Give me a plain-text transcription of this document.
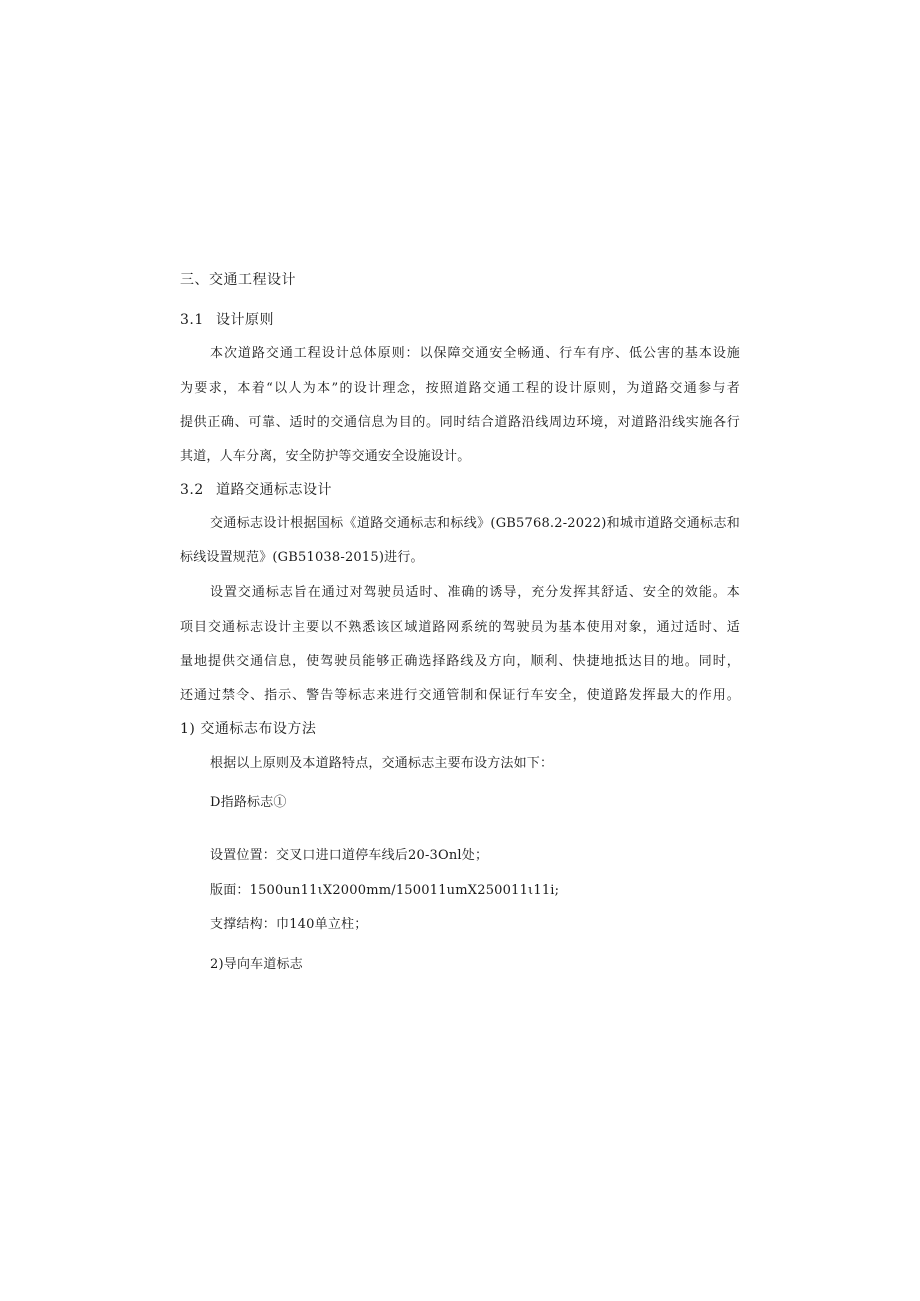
三、交通工程设计
3.1 设计原则
本次道路交通工程设计总体原则：以保障交通安全畅通、行车有序、低公害的基本设施
为要求，本着“以人为本”的设计理念，按照道路交通工程的设计原则，为道路交通参与者
提供正确、可靠、适时的交通信息为目的。同时结合道路沿线周边环境，对道路沿线实施各行
其道，人车分离，安全防护等交通安全设施设计。
3.2 道路交通标志设计
交通标志设计根据国标《道路交通标志和标线》(GB5768.2-2022)和城市道路交通标志和
标线设置规范》(GB51038-2015)进行。
设置交通标志旨在通过对驾驶员适时、准确的诱导，充分发挥其舒适、安全的效能。本
项目交通标志设计主要以不熟悉该区域道路网系统的驾驶员为基本使用对象，通过适时、适
量地提供交通信息，使驾驶员能够正确选择路线及方向，顺利、快捷地抵达目的地。同时，
还通过禁令、指示、警告等标志来进行交通管制和保证行车安全，使道路发挥最大的作用。
1) 交通标志布设方法
根据以上原则及本道路特点，交通标志主要布设方法如下：
D指路标志①
设置位置：交叉口进口道停车线后20-3Onl处；
版面：1500un11ιX2000mm/150011umX250011ι11i;
支撑结构：巾140单立柱；
2)导向车道标志
